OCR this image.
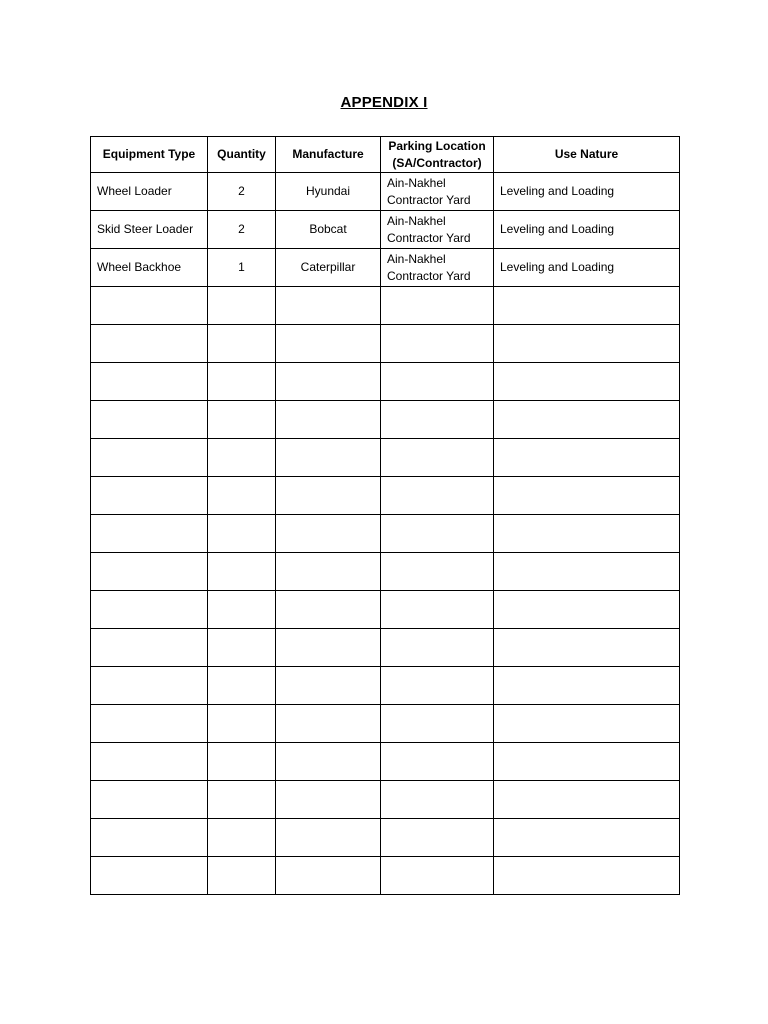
APPENDIX I
Equipment Type	Quantity	Manufacture	Parking Location (SA/Contractor)	Use Nature
Wheel Loader	2	Hyundai	Ain-Nakhel Contractor Yard	Leveling and Loading
Skid Steer Loader	2	Bobcat	Ain-Nakhel Contractor Yard	Leveling and Loading
Wheel Backhoe	1	Caterpillar	Ain-Nakhel Contractor Yard	Leveling and Loading
